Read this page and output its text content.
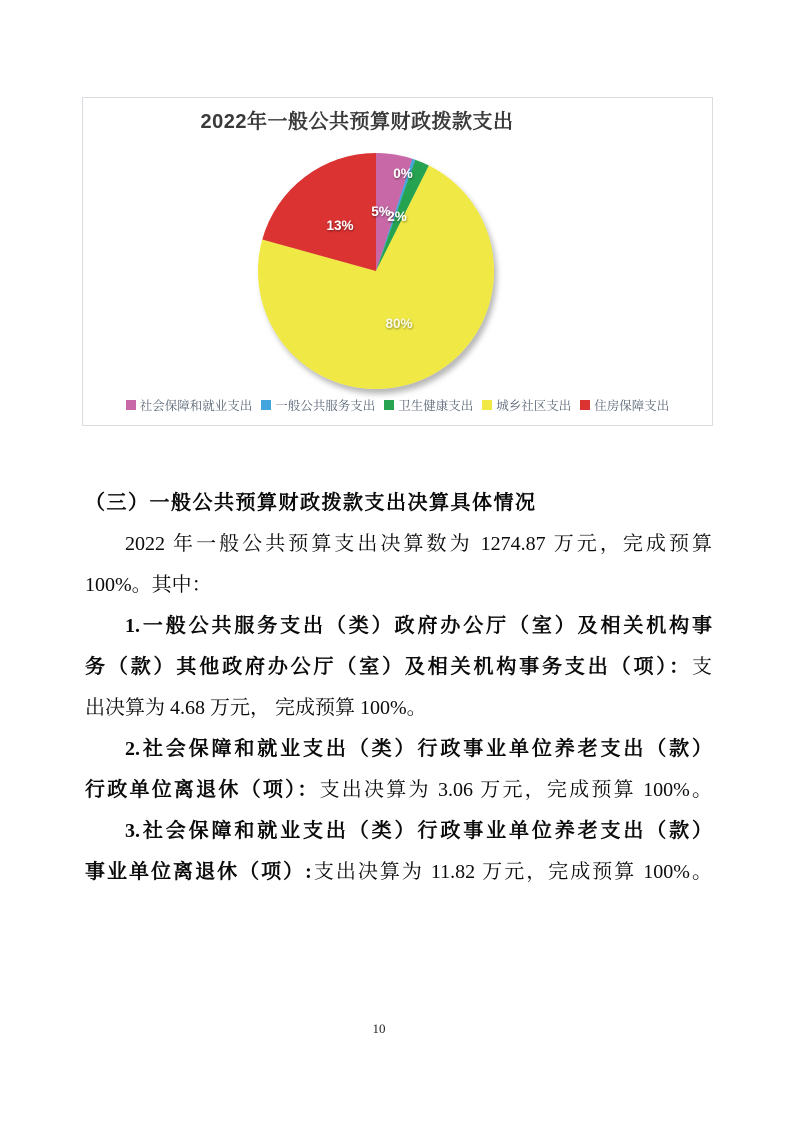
5%
0%
2%
80%
13%
2022年一般公共预算财政拨款支出
社会保障和就业支出 一般公共服务支出 卫生健康支出 城乡社区支出 住房保障支出
（三）一般公共预算财政拨款支出决算具体情况
2022 年一般公共预算支出决算数为 1274.87 万元，完成预算
100%。其中：
1.一般公共服务支出（类）政府办公厅（室）及相关机构事
务（款）其他政府办公厅（室）及相关机构事务支出（项）：支
出决算为 4.68 万元， 完成预算 100%。
2.社会保障和就业支出（类）行政事业单位养老支出（款）
行政单位离退休（项）：支出决算为 3.06 万元，完成预算 100%。
3.社会保障和就业支出（类）行政事业单位养老支出（款）
事业单位离退休（项）:支出决算为 11.82 万元，完成预算 100%。
10
